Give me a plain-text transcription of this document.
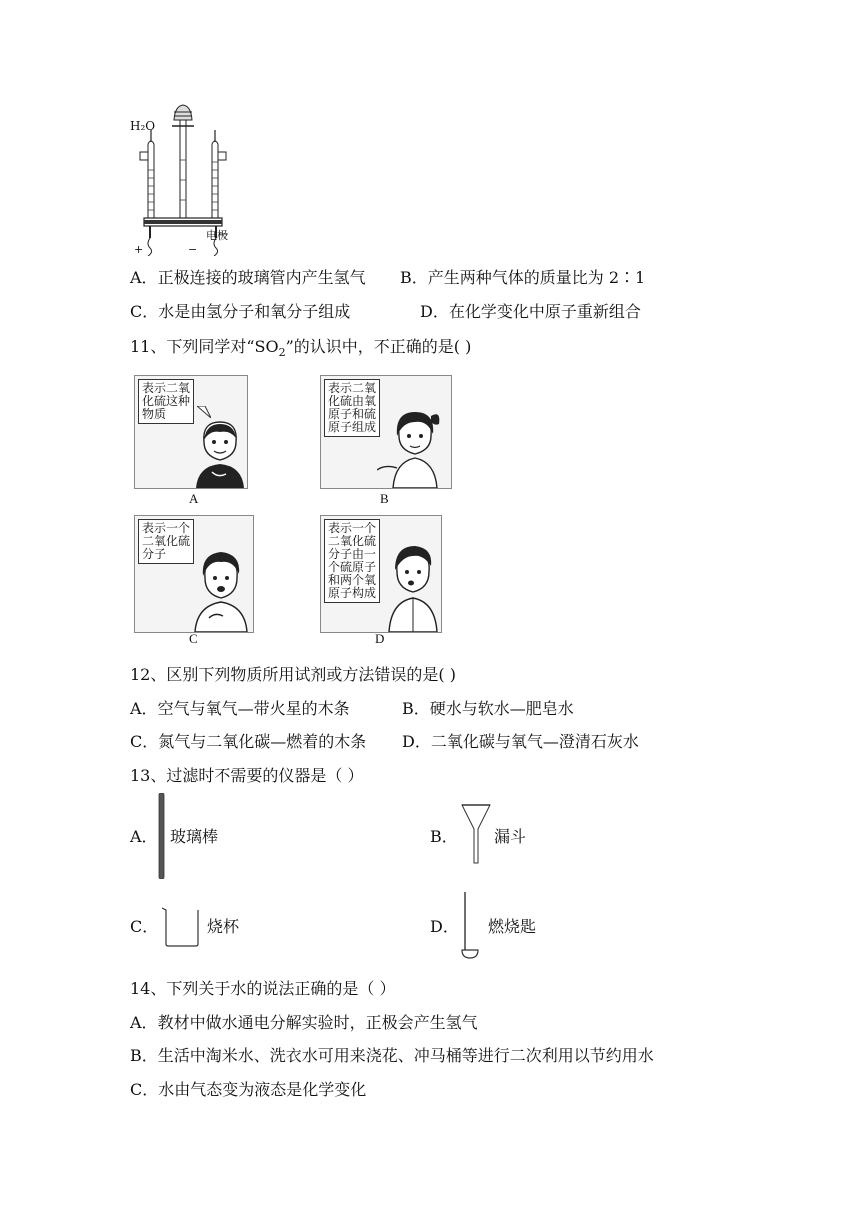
H₂O
电极
+	−
A．正极连接的玻璃管内产生氢气 B．产生两种气体的质量比为 2∶1
C．水是由氢分子和氧分子组成	D．在化学变化中原子重新组合
11、下列同学对“$SO_2$”的认识中，不正确的是( )
表示二氧
化硫这种
物质
A
表示二氧
化硫由氧
原子和硫
原子组成
B
表示一个
二氧化硫
分子
C
表示一个
二氧化硫
分子由一
个硫原子
和两个氧
原子构成
D
12、区别下列物质所用试剂或方法错误的是( )
A．空气与氧气—带火星的木条	B．硬水与软水—肥皂水
C．氮气与二氧化碳—燃着的木条 D．二氧化碳与氧气—澄清石灰水
13、过滤时不需要的仪器是（ ）
A． 玻璃棒	B． 漏斗
C．	烧杯	D． 燃烧匙
14、下列关于水的说法正确的是（ ）
A．教材中做水通电分解实验时，正极会产生氢气
B．生活中淘米水、洗衣水可用来浇花、冲马桶等进行二次利用以节约用水
C．水由气态变为液态是化学变化
